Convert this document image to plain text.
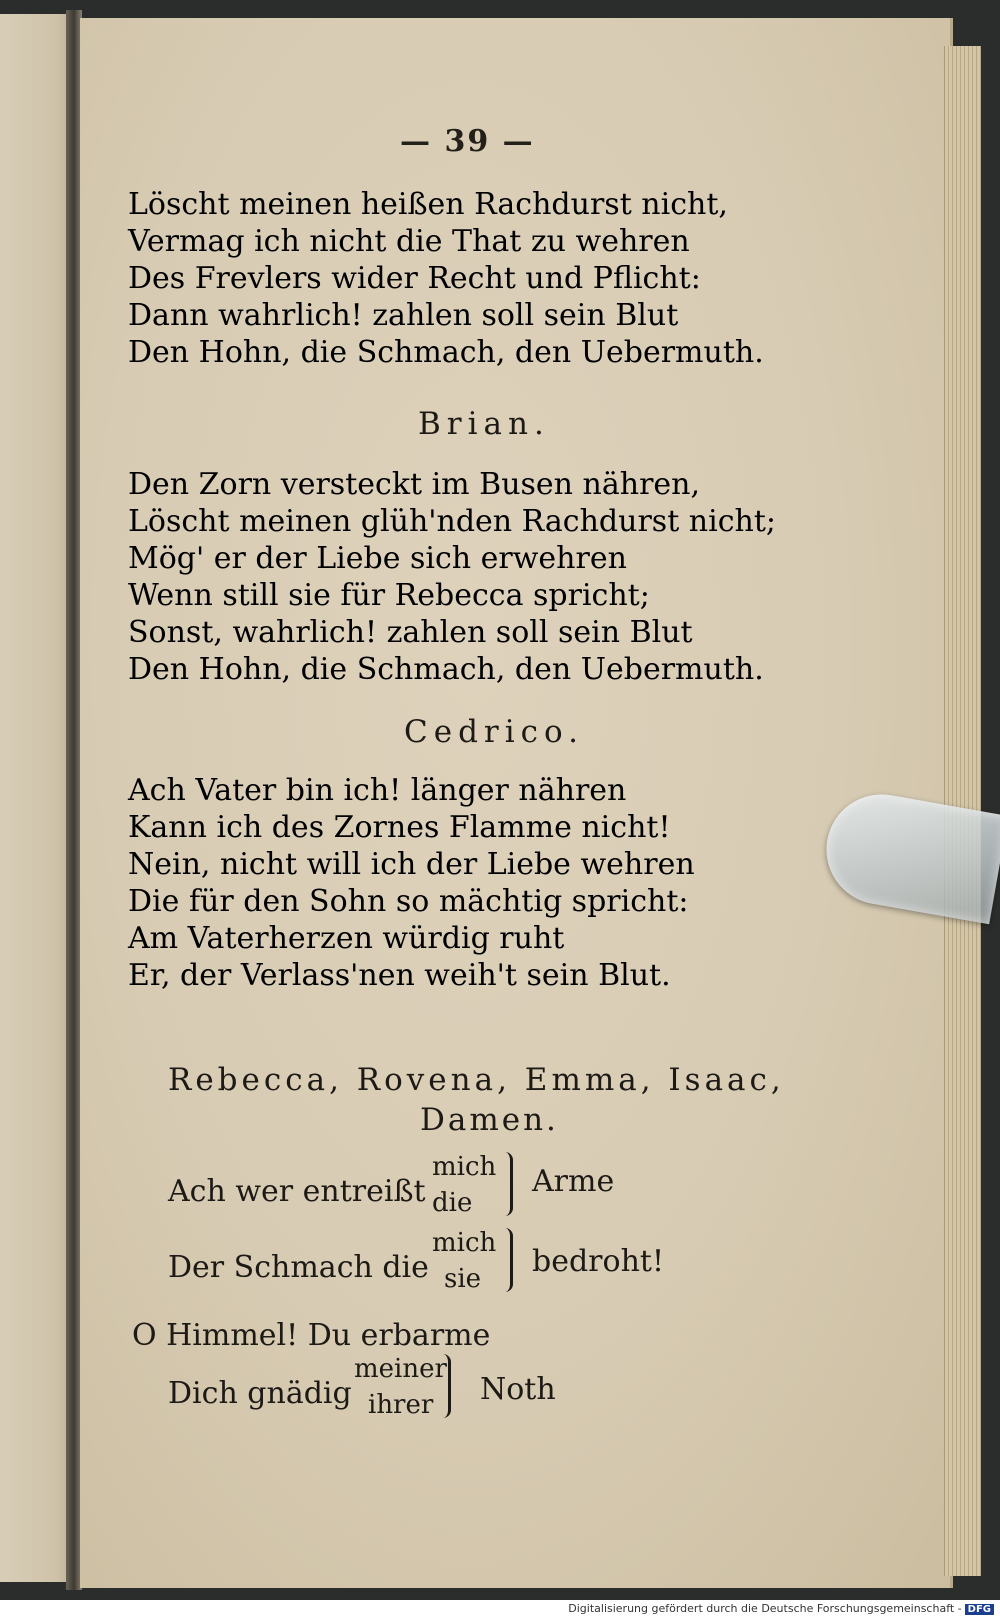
— 39 —

Löscht meinen heißen Rachdurst nicht,

Vermag ich nicht die That zu wehren

Des Frevlers wider Recht und Pflicht:

Dann wahrlich! zahlen soll sein Blut

Den Hohn, die Schmach, den Uebermuth.

Brian.

Den Zorn versteckt im Busen nähren,

Löscht meinen glüh'nden Rachdurst nicht;

Mög' er der Liebe sich erwehren

Wenn still sie für Rebecca spricht;

Sonst, wahrlich! zahlen soll sein Blut

Den Hohn, die Schmach, den Uebermuth.

Cedrico.

Ach Vater bin ich! länger nähren

Kann ich des Zornes Flamme nicht!

Nein, nicht will ich der Liebe wehren

Die für den Sohn so mächtig spricht:

Am Vaterherzen würdig ruht

Er, der Verlass'nen weih't sein Blut.

Rebecca, Rovena, Emma, Isaac,
Damen.
Ach wer entreißt
mich
die
Arme
Der Schmach die
mich
sie bedroht!
O Himmel! Du erbarme
Dich gnädig
meiner
ihrer Noth
Digitalisierung gefördert durch die Deutsche Forschungsgemeinschaft - DFG
